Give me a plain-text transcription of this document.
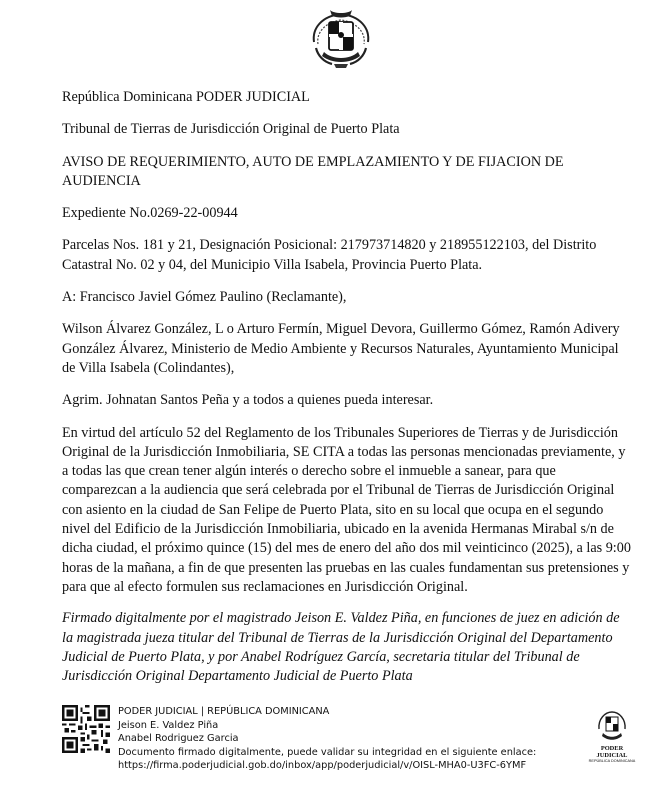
República Dominicana PODER JUDICIAL

Tribunal de Tierras de Jurisdicción Original de Puerto Plata

AVISO DE REQUERIMIENTO, AUTO DE EMPLAZAMIENTO Y DE FIJACION DE AUDIENCIA

Expediente No.0269-22-00944

Parcelas Nos. 181 y 21, Designación Posicional: 217973714820 y 218955122103, del Distrito Catastral No. 02 y 04, del Municipio Villa Isabela, Provincia Puerto Plata.

A: Francisco Javiel Gómez Paulino (Reclamante),

Wilson Álvarez González, L o Arturo Fermín, Miguel Devora, Guillermo Gómez, Ramón Adivery González Álvarez, Ministerio de Medio Ambiente y Recursos Naturales, Ayuntamiento Municipal de Villa Isabela (Colindantes),

Agrim. Johnatan Santos Peña y a todos a quienes pueda interesar.

En virtud del artículo 52 del Reglamento de los Tribunales Superiores de Tierras y de Jurisdicción Original de la Jurisdicción Inmobiliaria, SE CITA a todas las personas mencionadas previamente, y a todas las que crean tener algún interés o derecho sobre el inmueble a sanear, para que comparezcan a la audiencia que será celebrada por el Tribunal de Tierras de Jurisdicción Original con asiento en la ciudad de San Felipe de Puerto Plata, sito en su local que ocupa en el segundo nivel del Edificio de la Jurisdicción Inmobiliaria, ubicado en la avenida Hermanas Mirabal s/n de dicha ciudad, el próximo quince (15) del mes de enero del año dos mil veinticinco (2025), a las 9:00 horas de la mañana, a fin de que presenten las pruebas en las cuales fundamentan sus pretensiones y para que al efecto formulen sus reclamaciones en Jurisdicción Original.

Firmado digitalmente por el magistrado Jeison E. Valdez Piña, en funciones de juez en adición de la magistrada jueza titular del Tribunal de Tierras de la Jurisdicción Original del Departamento Judicial de Puerto Plata, y por Anabel Rodríguez García, secretaria titular del Tribunal de Jurisdicción Original Departamento Judicial de Puerto Plata

PODER JUDICIAL | REPÚBLICA DOMINICANA
Jeison E. Valdez Piña
Anabel Rodriguez Garcia
Documento firmado digitalmente, puede validar su integridad en el siguiente enlace:
https://firma.poderjudicial.gob.do/inbox/app/poderjudicial/v/OISL-MHA0-U3FC-6YMF
PODER JUDICIAL
REPÚBLICA DOMINICANA
